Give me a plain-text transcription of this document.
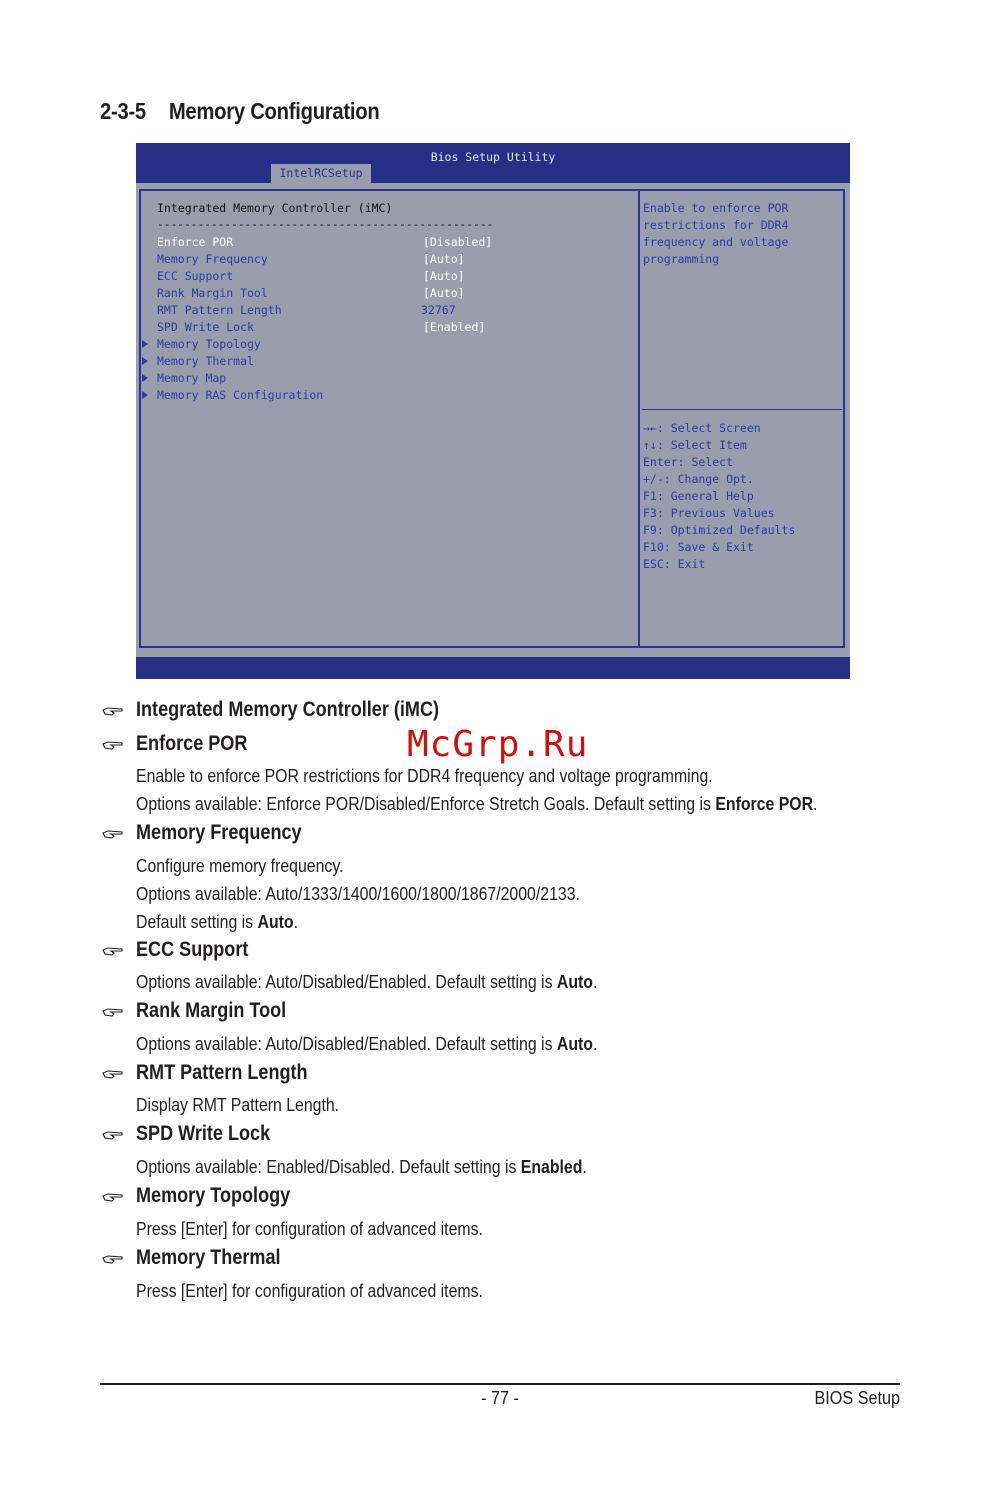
2-3-5 Memory Configuration
Bios Setup Utility
IntelRCSetup
Integrated Memory Controller (iMC)
--------------------------------------------------
Enforce POR	[Disabled]
Memory Frequency	[Auto]
ECC Support	[Auto]
Rank Margin Tool	[Auto]
RMT Pattern Length	32767
SPD Write Lock	[Enabled]
Memory Topology
Memory Thermal
Memory Map
Memory RAS Configuration
Enable to enforce POR
restrictions for DDR4
frequency and voltage
programming
→←: Select Screen
↑↓: Select Item
Enter: Select
+/-: Change Opt.
F1: General Help
F3: Previous Values
F9: Optimized Defaults
F10: Save & Exit
ESC: Exit
Integrated Memory Controller (iMC)
Enforce POR
Enable to enforce POR restrictions for DDR4 frequency and voltage programming.
Options available: Enforce POR/Disabled/Enforce Stretch Goals. Default setting is Enforce POR.
Memory Frequency
Configure memory frequency.
Options available: Auto/1333/1400/1600/1800/1867/2000/2133.
Default setting is Auto.
ECC Support
Options available: Auto/Disabled/Enabled. Default setting is Auto.
Rank Margin Tool
Options available: Auto/Disabled/Enabled. Default setting is Auto.
RMT Pattern Length
Display RMT Pattern Length.
SPD Write Lock
Options available: Enabled/Disabled. Default setting is Enabled.
Memory Topology
Press [Enter] for configuration of advanced items.
Memory Thermal
Press [Enter] for configuration of advanced items.
McGrp.Ru
- 77 -	BIOS Setup
